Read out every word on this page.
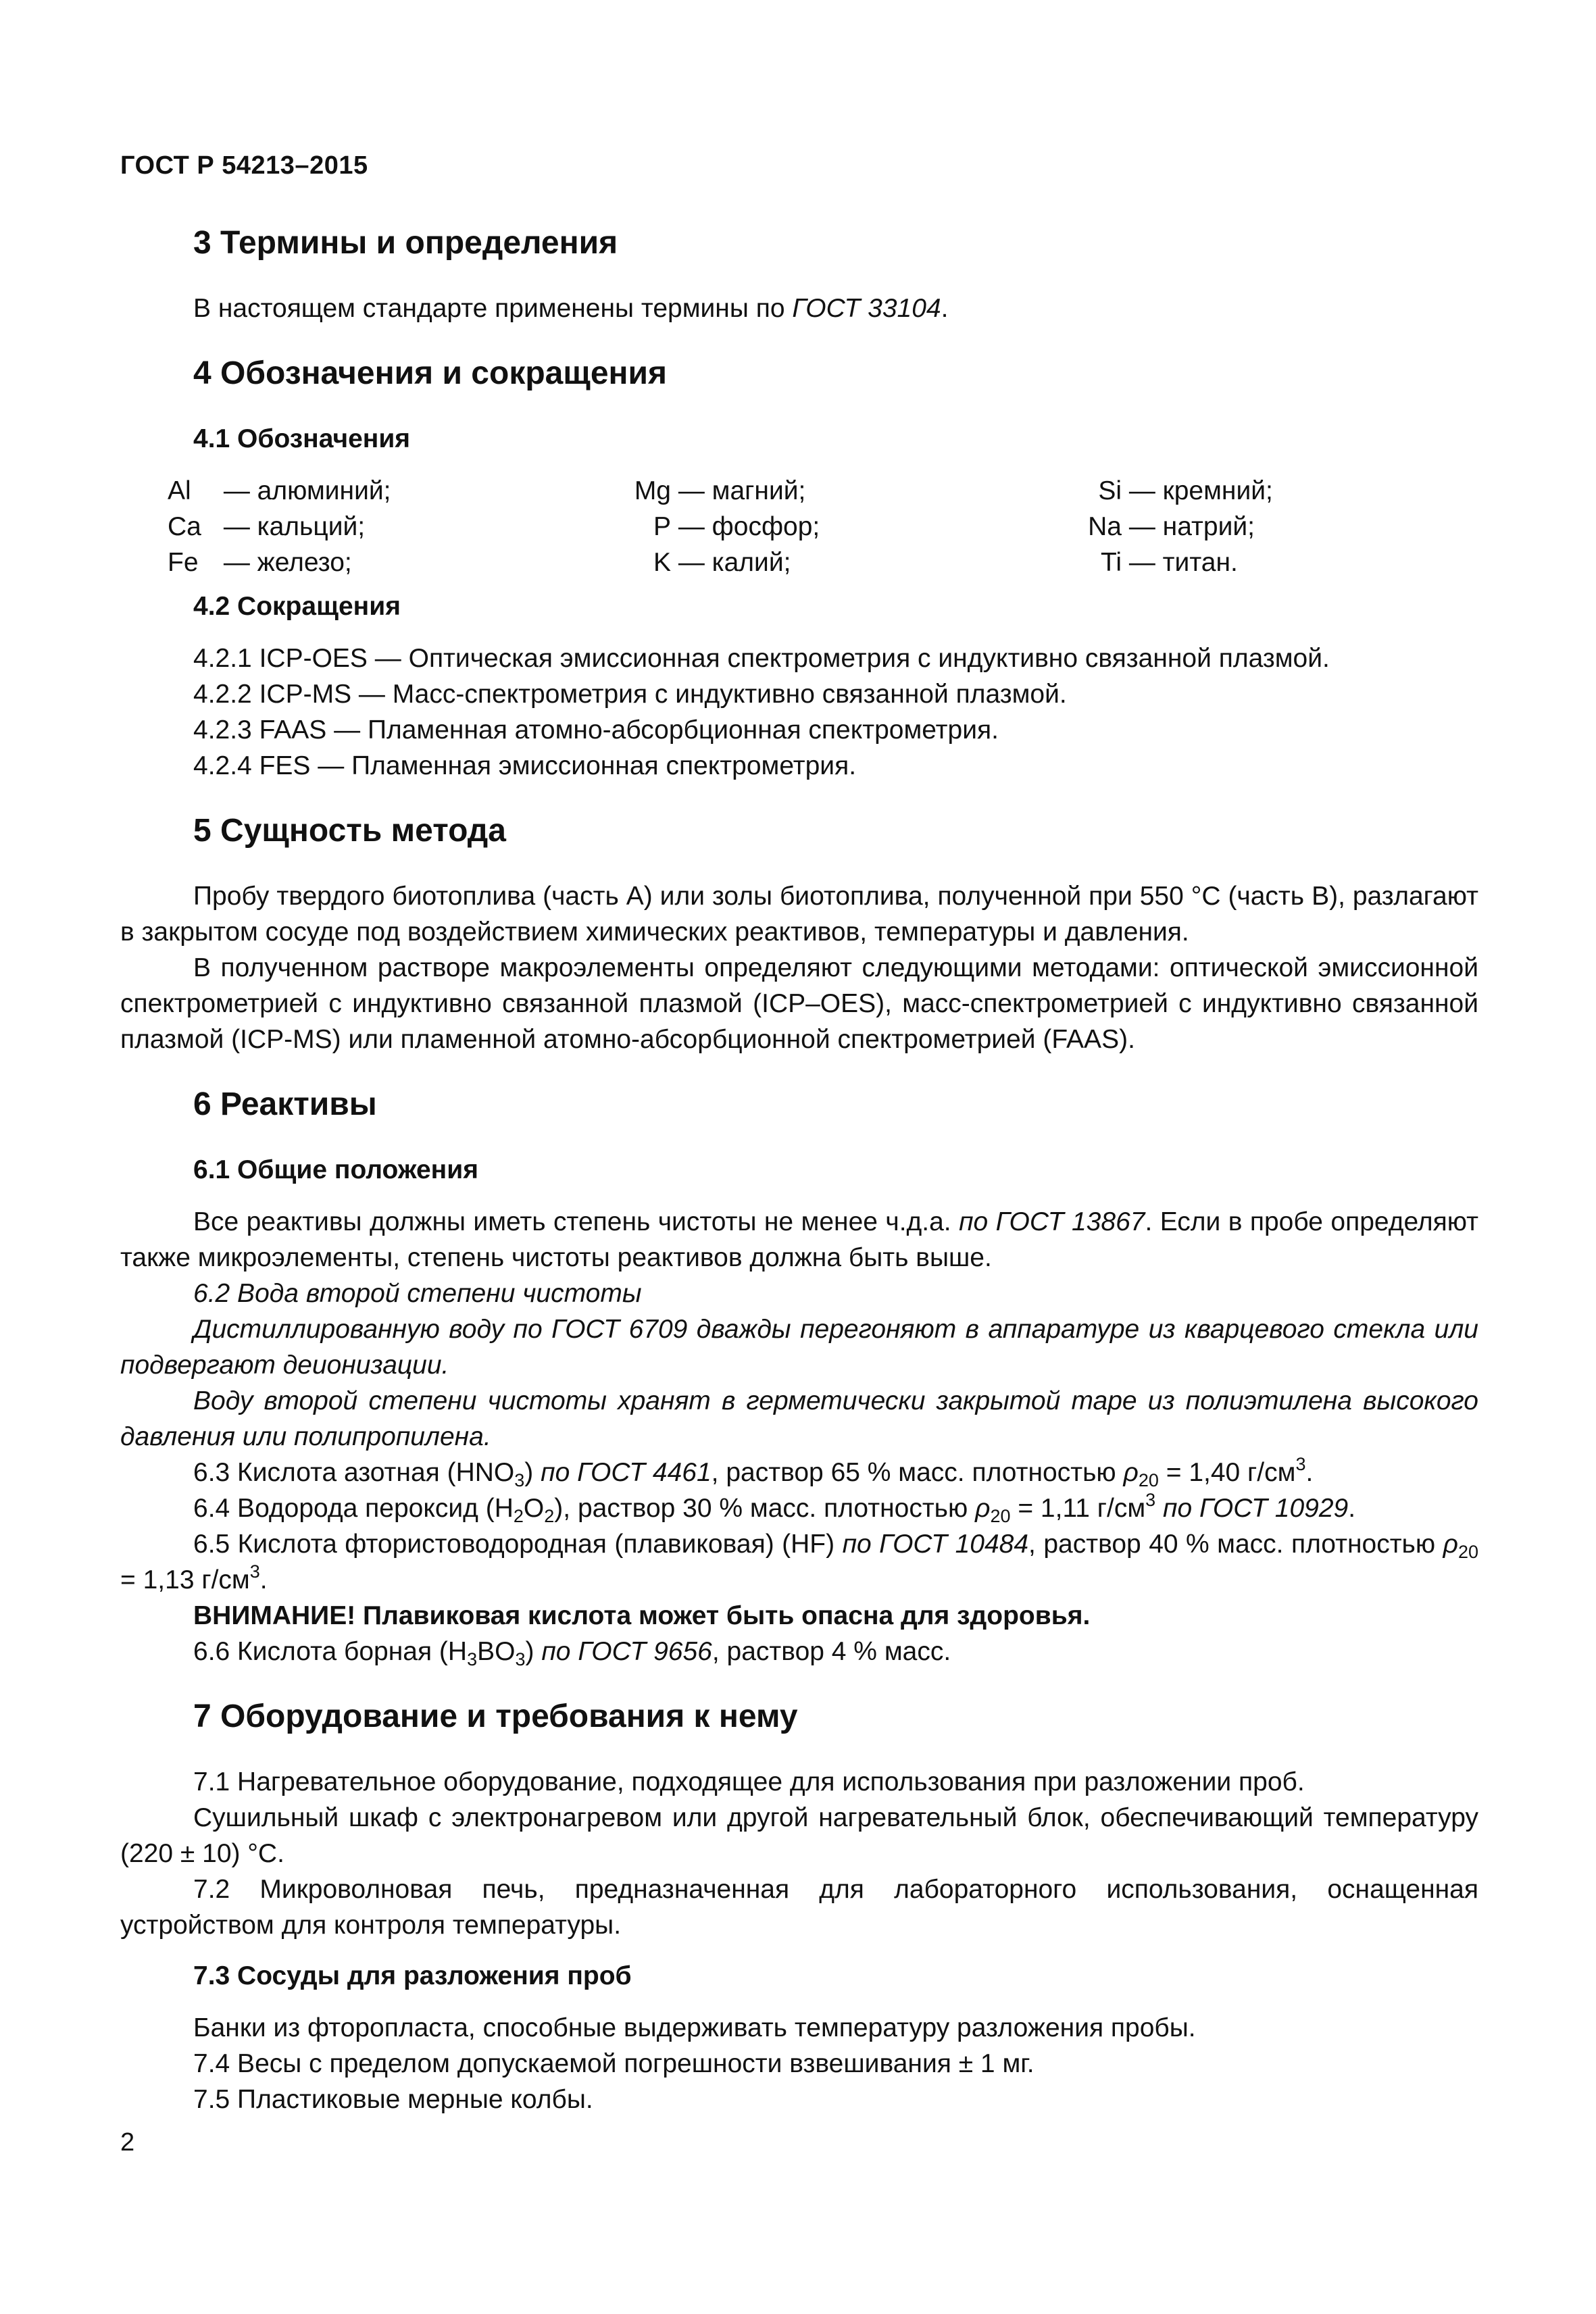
ГОСТ Р 54213–2015
3 Термины и определения

В настоящем стандарте применены термины по ГОСТ 33104.

4 Обозначения и сокращения
4.1 Обозначения
Al — алюминий;
Ca — кальций;
Fe — железо;
Mg — магний;
P — фосфор;
K — калий;
Si — кремний;
Na — натрий;
Ti — титан.
4.2 Сокращения

4.2.1 ICP-OES — Оптическая эмиссионная спектрометрия с индуктивно связанной плазмой.

4.2.2 ICP-MS — Масс-спектрометрия с индуктивно связанной плазмой.

4.2.3 FAAS — Пламенная атомно-абсорбционная спектрометрия.

4.2.4 FES — Пламенная эмиссионная спектрометрия.

5 Сущность метода

Пробу твердого биотоплива (часть А) или золы биотоплива, полученной при 550 °С (часть В), разлагают в закрытом сосуде под воздействием химических реактивов, температуры и давления.

В полученном растворе макроэлементы определяют следующими методами: оптической эмиссионной спектрометрией с индуктивно связанной плазмой (ICP–OES), масс-спектрометрией с индуктивно связанной плазмой (ICP-MS) или пламенной атомно-абсорбционной спектрометрией (FAAS).

6 Реактивы
6.1 Общие положения

Все реактивы должны иметь степень чистоты не менее ч.д.а. по ГОСТ 13867. Если в пробе определяют также микроэлементы, степень чистоты реактивов должна быть выше.

6.2 Вода второй степени чистоты

Дистиллированную воду по ГОСТ 6709 дважды перегоняют в аппаратуре из кварцевого стекла или подвергают деионизации.

Воду второй степени чистоты хранят в герметически закрытой таре из полиэтилена высокого давления или полипропилена.

6.3 Кислота азотная $(HNO_3)$ по ГОСТ 4461, раствор 65 % масс. плотностью $\rho_{20} = 1,40$ $г/см^3$.

6.4 Водорода пероксид $(H_2O_2)$, раствор 30 % масс. плотностью $\rho_{20} = 1,11$ $г/см^3$ по ГОСТ 10929.

6.5 Кислота фтористоводородная (плавиковая) (HF) по ГОСТ 10484, раствор 40 % масс. плотностью $\rho_{20} = 1,13$ $г/см^3$.

ВНИМАНИЕ! Плавиковая кислота может быть опасна для здоровья.

6.6 Кислота борная $(H_3BO_3)$ по ГОСТ 9656, раствор 4 % масс.

7 Оборудование и требования к нему

7.1 Нагревательное оборудование, подходящее для использования при разложении проб.

Сушильный шкаф с электронагревом или другой нагревательный блок, обеспечивающий температуру (220 ± 10) °С.

7.2 Микроволновая печь, предназначенная для лабораторного использования, оснащенная устройством для контроля температуры.

7.3 Сосуды для разложения проб

Банки из фторопласта, способные выдерживать температуру разложения пробы.

7.4 Весы с пределом допускаемой погрешности взвешивания ± 1 мг.

7.5 Пластиковые мерные колбы.

2
